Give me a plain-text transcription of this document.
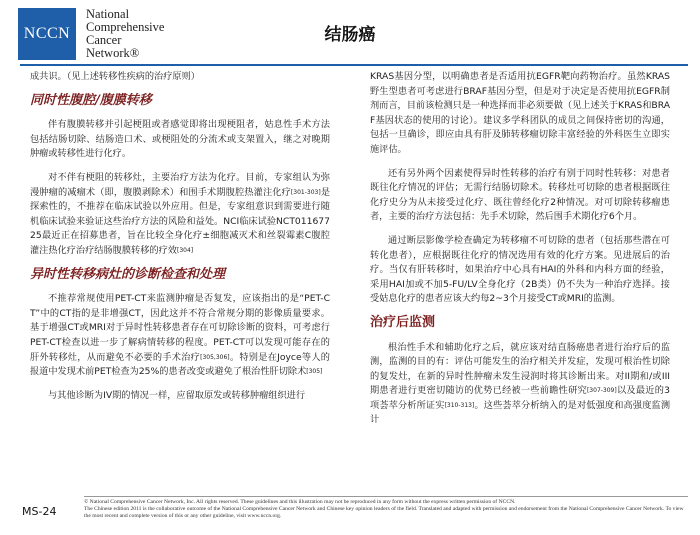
NCCN
National
Comprehensive
Cancer
Network®
结肠癌

成共识。（见上述转移性疾病的治疗原则）

同时性腹腔/腹膜转移

伴有腹膜转移并引起梗阻或者感觉即将出现梗阻者，姑息性手术方法包括结肠切除、结肠造口术、或梗阻处的分流术或支架置入，继之对晚期肿瘤或转移性进行化疗。

对不伴有梗阻的转移灶，主要治疗方法为化疗。目前，专家组认为弥漫肿瘤的减瘤术（即，腹膜剥除术）和围手术期腹腔热灌注化疗[301-303]是探索性的，不推荐在临床试验以外应用。但是，专家组意识到需要进行随机临床试验来验证这些治疗方法的风险和益处。NCI临床试验NCT01167725最近正在招募患者，旨在比较全身化疗±细胞减灭术和丝裂霉素C腹腔灌注热化疗治疗结肠腹膜转移的疗效[304]

异时性转移病灶的诊断检查和处理

不推荐常规使用PET-CT来监测肿瘤是否复发，应该指出的是“PET-CT”中的CT指的是非增强CT，因此这并不符合常规分期的影像质量要求。基于增强CT或MRI对于异时性转移患者存在可切除诊断的资料，可考虑行PET-CT检查以进一步了解病情转移的程度。PET-CT可以发现可能存在的肝外转移灶，从而避免不必要的手术治疗[305,306]。特别是在Joyce等人的报道中发现术前PET检查为25%的患者改变或避免了根治性肝切除术[305]

与其他诊断为IV期的情况一样，应留取原发或转移肿瘤组织进行

KRAS基因分型，以明确患者是否适用抗EGFR靶向药物治疗。虽然KRAS野生型患者可考虑进行BRAF基因分型，但是对于决定是否使用抗EGFR制剂而言，目前该检测只是一种选择而非必须要做（见上述关于KRAS和BRAF基因状态的使用的讨论）。建议多学科团队的成员之间保持密切的沟通，包括一旦确诊，即应由具有肝及肺转移瘤切除丰富经验的外科医生立即实施评估。

还有另外两个因素使得异时性转移的治疗有别于同时性转移：对患者既往化疗情况的评估；无需行结肠切除术。转移灶可切除的患者根据既往化疗史分为从未接受过化疗、既往曾经化疗2种情况。对可切除转移瘤患者，主要的治疗方法包括：先手术切除，然后围手术期化疗6个月。

通过断层影像学检查确定为转移瘤不可切除的患者（包括那些潜在可转化患者），应根据既往化疗的情况选用有效的化疗方案。见进展后的治疗。当仅有肝转移时，如果治疗中心具有HAI的外科和内科方面的经验，采用HAI加或不加5-FU/LV全身化疗（2B类）仍不失为一种治疗选择。接受姑息化疗的患者应该大约每2~3个月接受CT或MRI的监测。

治疗后监测

根治性手术和辅助化疗之后，就应该对结直肠癌患者进行治疗后的监测，监测的目的有：评估可能发生的治疗相关并发症，发现可根治性切除的复发灶，在新的异时性肿瘤未发生浸润时将其诊断出来。对II期和/或III期患者进行更密切随访的优势已经被一些前瞻性研究[307-309]以及最近的3项荟萃分析所证实[310-313]。这些荟萃分析纳入的是对低强度和高强度监测计

MS-24
© National Comprehensive Cancer Network, Inc. All rights reserved. These guidelines and this illustration may not be reproduced in any form without the express written permission of NCCN.
The Chinese edition 2011 is the collaborative outcome of the National Comprehensive Cancer Network and Chinese key opinion leaders of the field. Translated and adapted with permission and endorsement from the National Comprehensive Cancer Network. To view the most recent and complete version of this or any other guideline, visit www.nccn.org.
